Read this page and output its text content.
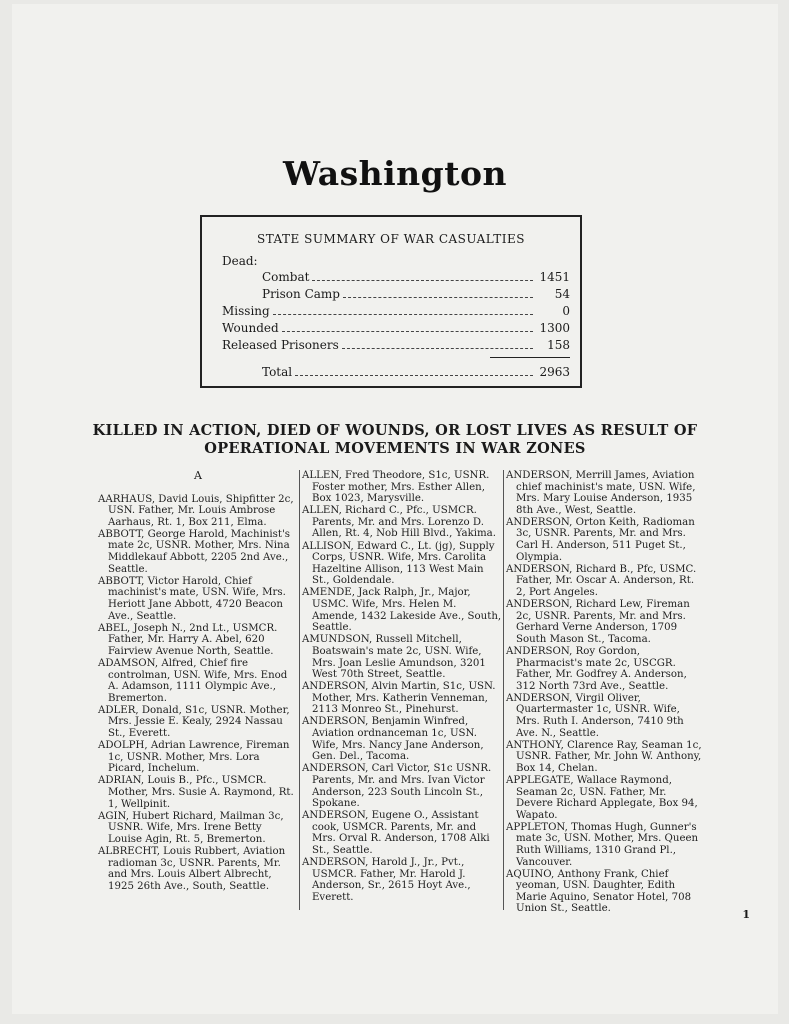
Washington
STATE SUMMARY OF WAR CASUALTIES
Dead:
Combat	1451
Prison Camp	54
Missing	0
Wounded	1300
Released Prisoners	158
Total	2963
KILLED IN ACTION, DIED OF WOUNDS, OR LOST LIVES AS RESULT OF
OPERATIONAL MOVEMENTS IN WAR ZONES
A

AARHAUS, David Louis, Shipfitter 2c, USN. Father, Mr. Louis Ambrose Aarhaus, Rt. 1, Box 211, Elma.

ABBOTT, George Harold, Machinist's mate 2c, USNR. Mother, Mrs. Nina Middlekauf Abbott, 2205 2nd Ave., Seattle.

ABBOTT, Victor Harold, Chief machinist's mate, USN. Wife, Mrs. Heriott Jane Abbott, 4720 Beacon Ave., Seattle.

ABEL, Joseph N., 2nd Lt., USMCR. Father, Mr. Harry A. Abel, 620 Fairview Avenue North, Seattle.

ADAMSON, Alfred, Chief fire controlman, USN. Wife, Mrs. Enod A. Adamson, 1111 Olympic Ave., Bremerton.

ADLER, Donald, S1c, USNR. Mother, Mrs. Jessie E. Kealy, 2924 Nassau St., Everett.

ADOLPH, Adrian Lawrence, Fireman 1c, USNR. Mother, Mrs. Lora Picard, Inchelum.

ADRIAN, Louis B., Pfc., USMCR. Mother, Mrs. Susie A. Raymond, Rt. 1, Wellpinit.

AGIN, Hubert Richard, Mailman 3c, USNR. Wife, Mrs. Irene Betty Louise Agin, Rt. 5, Bremerton.

ALBRECHT, Louis Rubbert, Aviation radioman 3c, USNR. Parents, Mr. and Mrs. Louis Albert Albrecht, 1925 26th Ave., South, Seattle.

ALLEN, Fred Theodore, S1c, USNR. Foster mother, Mrs. Esther Allen, Box 1023, Marysville.

ALLEN, Richard C., Pfc., USMCR. Parents, Mr. and Mrs. Lorenzo D. Allen, Rt. 4, Nob Hill Blvd., Yakima.

ALLISON, Edward C., Lt. (jg), Supply Corps, USNR. Wife, Mrs. Carolita Hazeltine Allison, 113 West Main St., Goldendale.

AMENDE, Jack Ralph, Jr., Major, USMC. Wife, Mrs. Helen M. Amende, 1432 Lakeside Ave., South, Seattle.

AMUNDSON, Russell Mitchell, Boatswain's mate 2c, USN. Wife, Mrs. Joan Leslie Amundson, 3201 West 70th Street, Seattle.

ANDERSON, Alvin Martin, S1c, USN. Mother, Mrs. Katherin Venneman, 2113 Monreo St., Pinehurst.

ANDERSON, Benjamin Winfred, Aviation ordnanceman 1c, USN. Wife, Mrs. Nancy Jane Anderson, Gen. Del., Tacoma.

ANDERSON, Carl Victor, S1c USNR. Parents, Mr. and Mrs. Ivan Victor Anderson, 223 South Lincoln St., Spokane.

ANDERSON, Eugene O., Assistant cook, USMCR. Parents, Mr. and Mrs. Orval R. Anderson, 1708 Alki St., Seattle.

ANDERSON, Harold J., Jr., Pvt., USMCR. Father, Mr. Harold J. Anderson, Sr., 2615 Hoyt Ave., Everett.

ANDERSON, Merrill James, Aviation chief machinist's mate, USN. Wife, Mrs. Mary Louise Anderson, 1935 8th Ave., West, Seattle.

ANDERSON, Orton Keith, Radioman 3c, USNR. Parents, Mr. and Mrs. Carl H. Anderson, 511 Puget St., Olympia.

ANDERSON, Richard B., Pfc, USMC. Father, Mr. Oscar A. Anderson, Rt. 2, Port Angeles.

ANDERSON, Richard Lew, Fireman 2c, USNR. Parents, Mr. and Mrs. Gerhard Verne Anderson, 1709 South Mason St., Tacoma.

ANDERSON, Roy Gordon, Pharmacist's mate 2c, USCGR. Father, Mr. Godfrey A. Anderson, 312 North 73rd Ave., Seattle.

ANDERSON, Virgil Oliver, Quartermaster 1c, USNR. Wife, Mrs. Ruth I. Anderson, 7410 9th Ave. N., Seattle.

ANTHONY, Clarence Ray, Seaman 1c, USNR. Father, Mr. John W. Anthony, Box 14, Chelan.

APPLEGATE, Wallace Raymond, Seaman 2c, USN. Father, Mr. Devere Richard Applegate, Box 94, Wapato.

APPLETON, Thomas Hugh, Gunner's mate 3c, USN. Mother, Mrs. Queen Ruth Williams, 1310 Grand Pl., Vancouver.

AQUINO, Anthony Frank, Chief yeoman, USN. Daughter, Edith Marie Aquino, Senator Hotel, 708 Union St., Seattle.	1
